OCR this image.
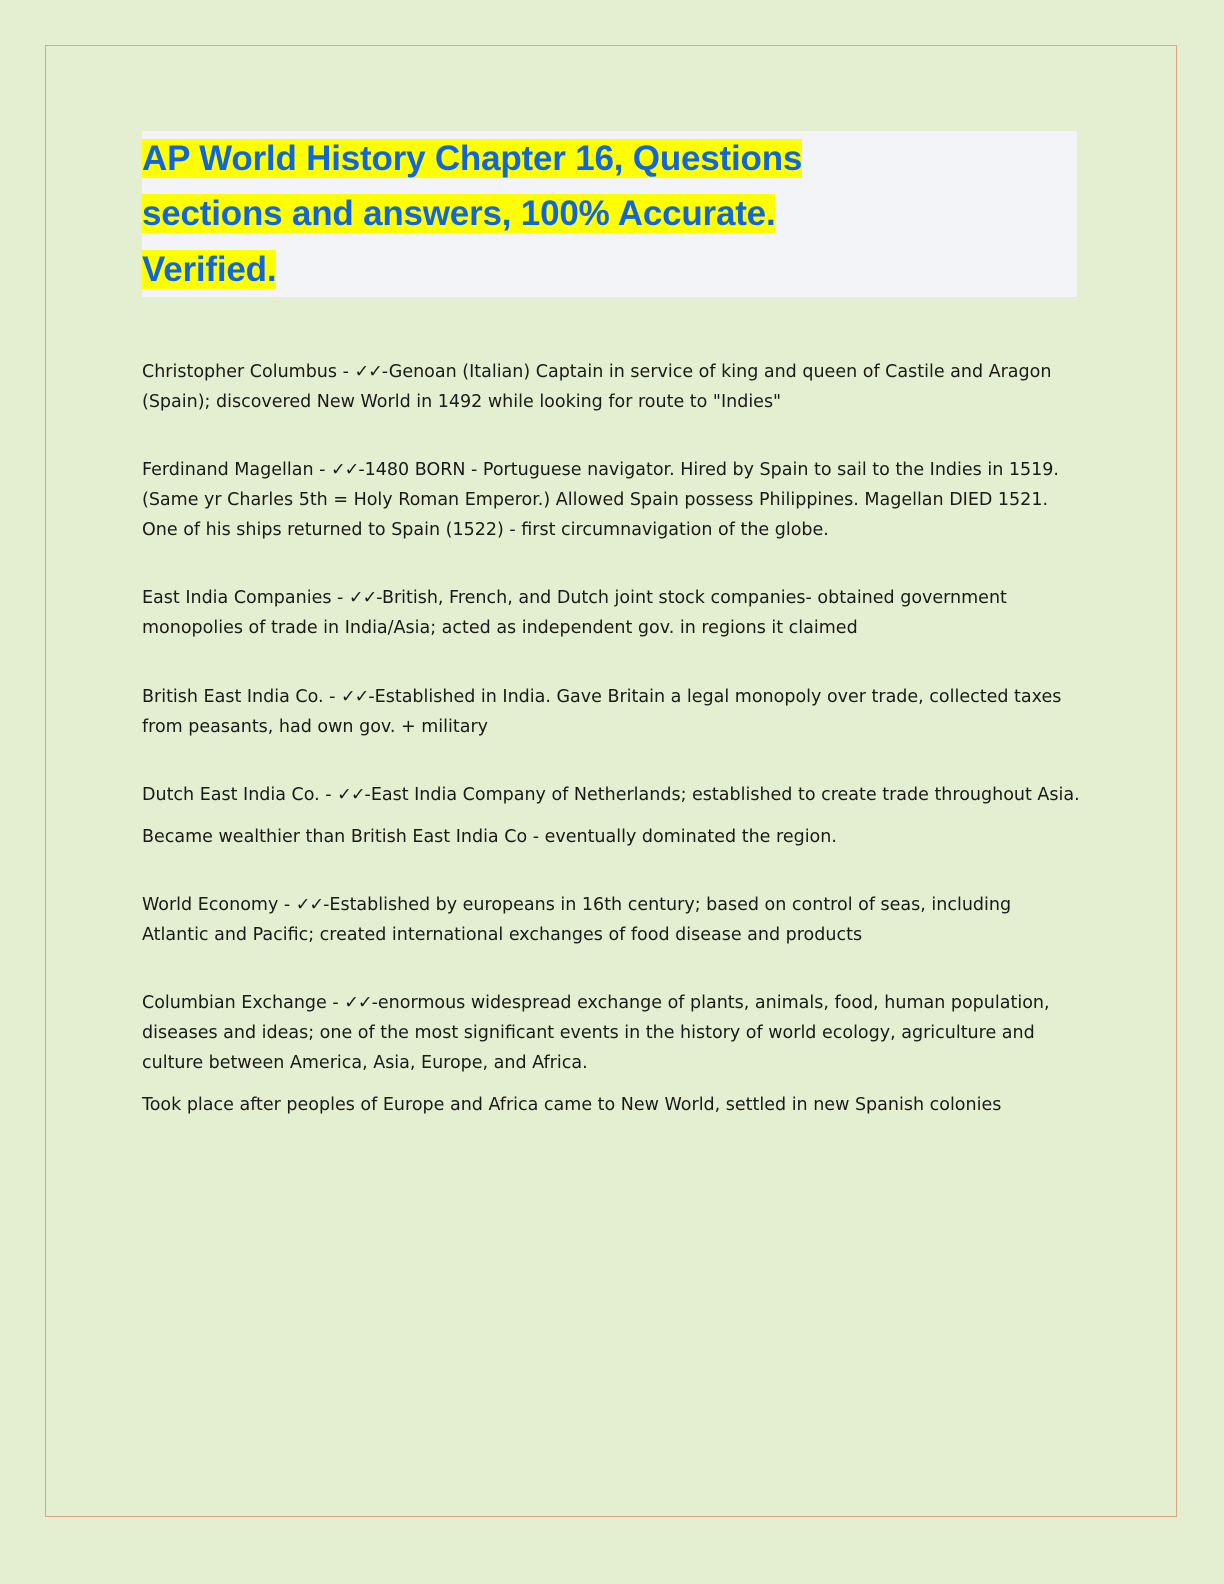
AP World History Chapter 16, Questions
sections and answers, 100% Accurate.
Verified.

Christopher Columbus - ✓✓-Genoan (Italian) Captain in service of king and queen of Castile and Aragon (Spain); discovered New World in 1492 while looking for route to "Indies"

Ferdinand Magellan - ✓✓-1480 BORN - Portuguese navigator. Hired by Spain to sail to the Indies in 1519. (Same yr Charles 5th = Holy Roman Emperor.) Allowed Spain possess Philippines. Magellan DIED 1521. One of his ships returned to Spain (1522) - first circumnavigation of the globe.

East India Companies - ✓✓-British, French, and Dutch joint stock companies- obtained government monopolies of trade in India/Asia; acted as independent gov. in regions it claimed

British East India Co. - ✓✓-Established in India. Gave Britain a legal monopoly over trade, collected taxes from peasants, had own gov. + military

Dutch East India Co. - ✓✓-East India Company of Netherlands; established to create trade throughout Asia.

Became wealthier than British East India Co - eventually dominated the region.

World Economy - ✓✓-Established by europeans in 16th century; based on control of seas, including Atlantic and Pacific; created international exchanges of food disease and products

Columbian Exchange - ✓✓-enormous widespread exchange of plants, animals, food, human population, diseases and ideas; one of the most significant events in the history of world ecology, agriculture and culture between America, Asia, Europe, and Africa.

Took place after peoples of Europe and Africa came to New World, settled in new Spanish colonies
